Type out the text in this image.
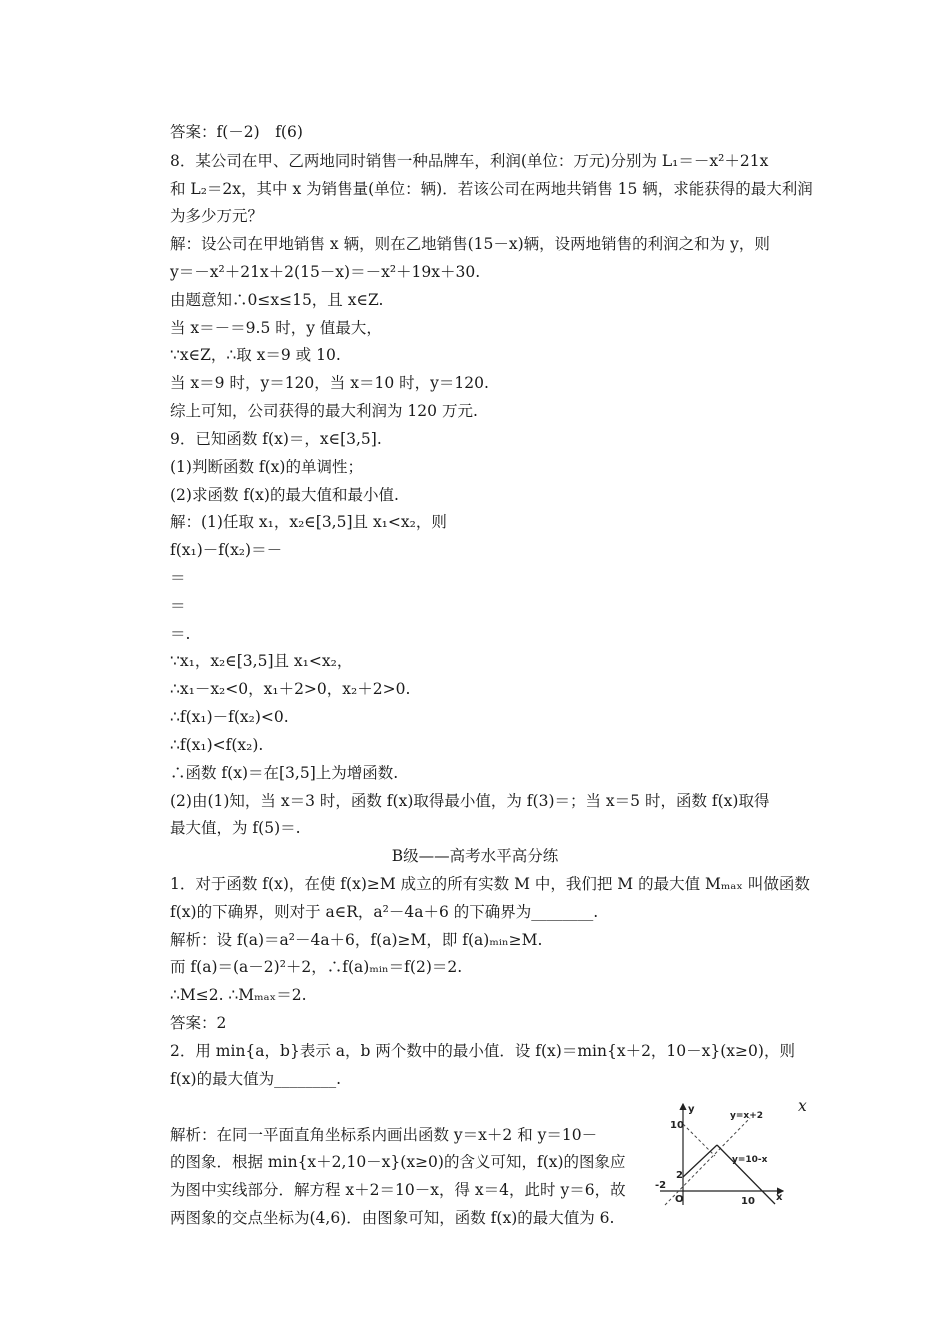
答案：f(－2)　f(6)
8．某公司在甲、乙两地同时销售一种品牌车，利润(单位：万元)分别为 L₁＝－x²＋21x
和 L₂＝2x，其中 x 为销售量(单位：辆)．若该公司在两地共销售 15 辆，求能获得的最大利润
为多少万元？
解：设公司在甲地销售 x 辆，则在乙地销售(15－x)辆，设两地销售的利润之和为 y，则
y＝－x²＋21x＋2(15－x)＝－x²＋19x＋30.
由题意知∴0≤x≤15，且 x∈Z.
当 x＝－＝9.5 时，y 值最大，
∵x∈Z，∴取 x＝9 或 10.
当 x＝9 时，y＝120，当 x＝10 时，y＝120.
综上可知，公司获得的最大利润为 120 万元.
9．已知函数 f(x)＝，x∈[3,5].
(1)判断函数 f(x)的单调性；
(2)求函数 f(x)的最大值和最小值.
解：(1)任取 x₁，x₂∈[3,5]且 x₁<x₂，则
f(x₁)－f(x₂)＝－
＝
＝
＝.
∵x₁，x₂∈[3,5]且 x₁<x₂，
∴x₁－x₂<0，x₁＋2>0，x₂＋2>0.
∴f(x₁)－f(x₂)<0.
∴f(x₁)<f(x₂).
∴函数 f(x)＝在[3,5]上为增函数.
(2)由(1)知，当 x＝3 时，函数 f(x)取得最小值，为 f(3)＝；当 x＝5 时，函数 f(x)取得
最大值，为 f(5)＝.
1．对于函数 f(x)，在使 f(x)≥M 成立的所有实数 M 中，我们把 M 的最大值 Mₘₐₓ 叫做函数
f(x)的下确界，则对于 a∈R，a²－4a＋6 的下确界为________.
解析：设 f(a)＝a²－4a＋6，f(a)≥M，即 f(a)ₘᵢₙ≥M.
而 f(a)＝(a－2)²＋2，∴f(a)ₘᵢₙ＝f(2)＝2.
∴M≤2. ∴Mₘₐₓ＝2.
答案：2
2．用 min{a，b}表示 a，b 两个数中的最小值．设 f(x)＝min{x＋2，10－x}(x≥0)，则
f(x)的最大值为________.
解析：在同一平面直角坐标系内画出函数 y＝x＋2 和 y＝10－
的图象．根据 min{x＋2,10－x}(x≥0)的含义可知，f(x)的图象应
为图中实线部分．解方程 x＋2＝10－x，得 x＝4，此时 y＝6，故
两图象的交点坐标为(4,6)．由图象可知，函数 f(x)的最大值为 6.
B级——高考水平高分练
x
y
x
O
y=x+2
y=10-x
10
2
-2
10
